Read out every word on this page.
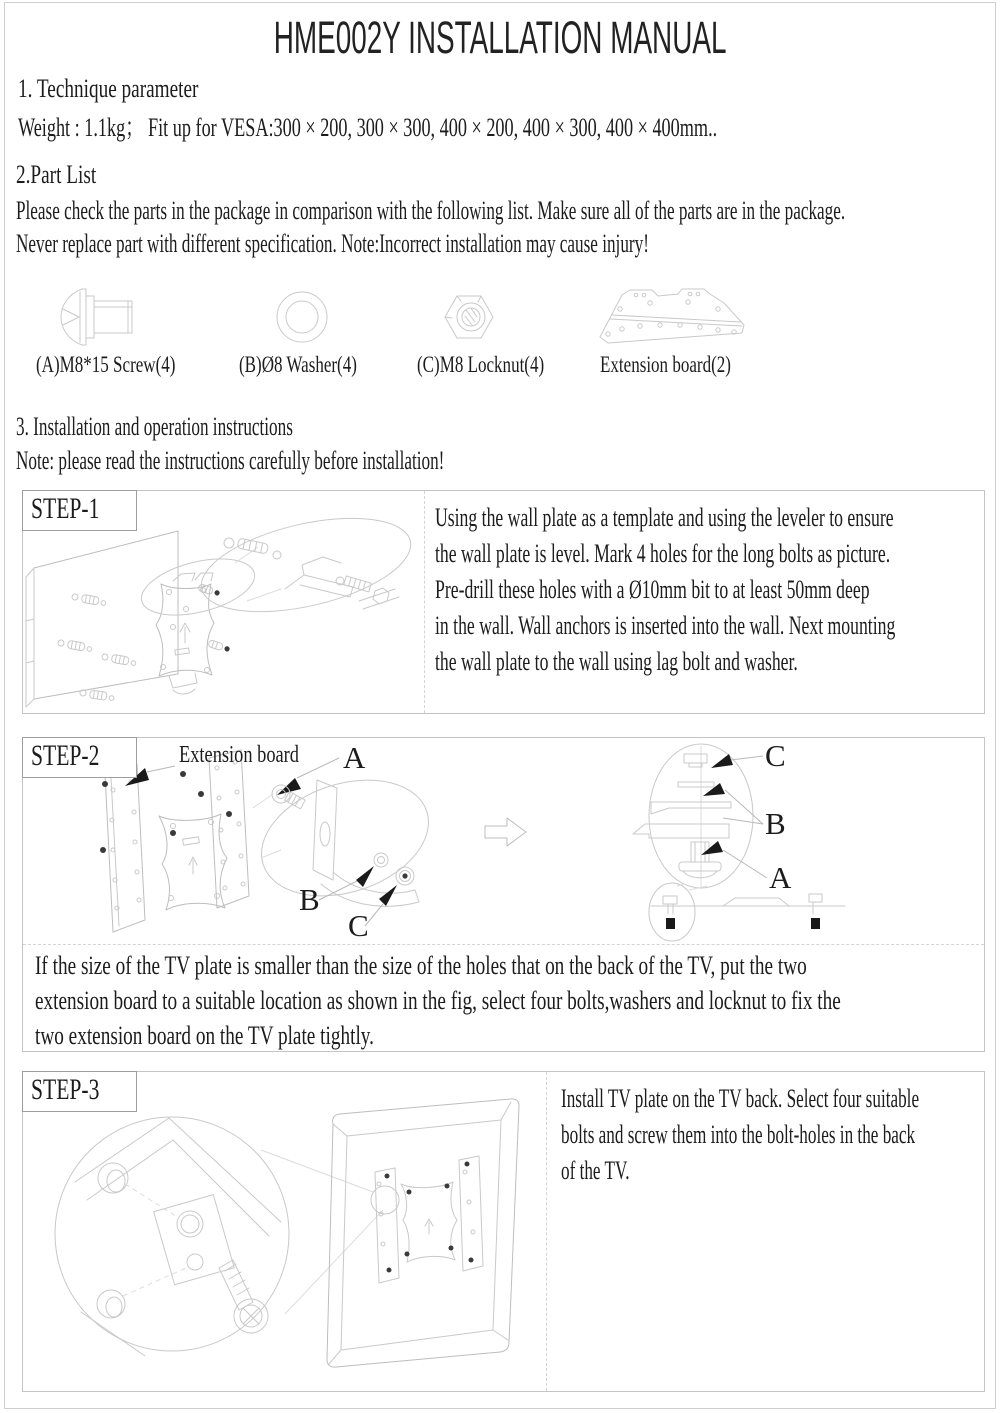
HME002Y INSTALLATION MANUAL
1. Technique parameter
Weight : 1.1kg； Fit up for VESA:300 × 200, 300 × 300, 400 × 200, 400 × 300, 400 × 400mm..
2.Part List
Please check the parts in the package in comparison with the following list. Make sure all of the parts are in the package.
Never replace part with different specification. Note:Incorrect installation may cause injury!
(A)M8*15 Screw(4)	(B)Ø8 Washer(4)	(C)M8 Locknut(4)	Extension board(2)
3. Installation and operation instructions
Note: please read the instructions carefully before installation!
STEP-1	Using the wall plate as a template and using the leveler to ensure
the wall plate is level. Mark 4 holes for the long bolts as picture.
Pre-drill these holes with a Ø10mm bit to at least 50mm deep
in the wall. Wall anchors is inserted into the wall. Next mounting
the wall plate to the wall using lag bolt and washer.
STEP-2	Extension board A
B
C
C
B
A
If the size of the TV plate is smaller than the size of the holes that on the back of the TV, put the two
extension board to a suitable location as shown in the fig, select four bolts,washers and locknut to fix the
two extension board on the TV plate tightly.
STEP-3	Install TV plate on the TV back. Select four suitable
bolts and screw them into the bolt-holes in the back
of the TV.
